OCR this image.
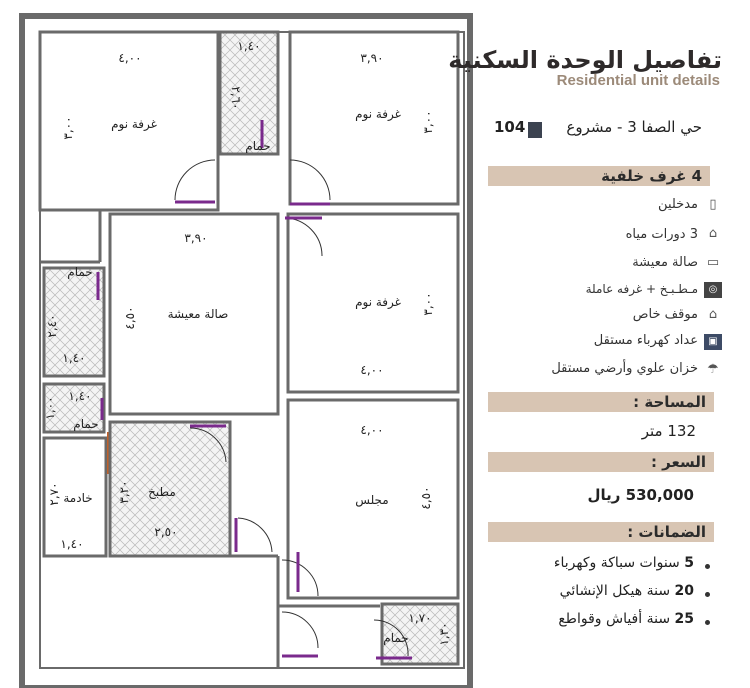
غرفة نوم
غرفة نوم
غرفة نوم
صالة معيشة
مطبخ
خادمة	مجلس
حمام
حمام
حمام
حمام
٤,٠٠
٣,٠٠
١,٤٠
٢,٦٠
٣,٩٠
٣,٠٠
٣,٩٠
٤,٥٠
٣,٠٠
٤,٠٠
٢,٤٠
١,٤٠
١,٤٠
١,٠٠
٢,٧٠
١,٤٠
٣,٢٠
٢,٥٠
٤,٠٠
٤,٥٠
١,٧٠
١,٣٠
تفاصيل الوحدة السكنية
Residential unit details
104	حي الصفا 3 - مشروع
4 غرف خلفية
▯
مدخلين
⌂
3 دورات مياه
▭
صالة معيشة
◎
مـطـبـخ + غرفه عاملة
⌂
موقف خاص
▣
عداد كهرباء مستقل
☂
خزان علوي وأرضي مستقل
المساحة :
132 متر
السعر :
530,000 ريال
الضمانات :
5 سنوات سباكة وكهرباء
20 سنة هيكل الإنشائي
25 سنة أفياش وقواطع
